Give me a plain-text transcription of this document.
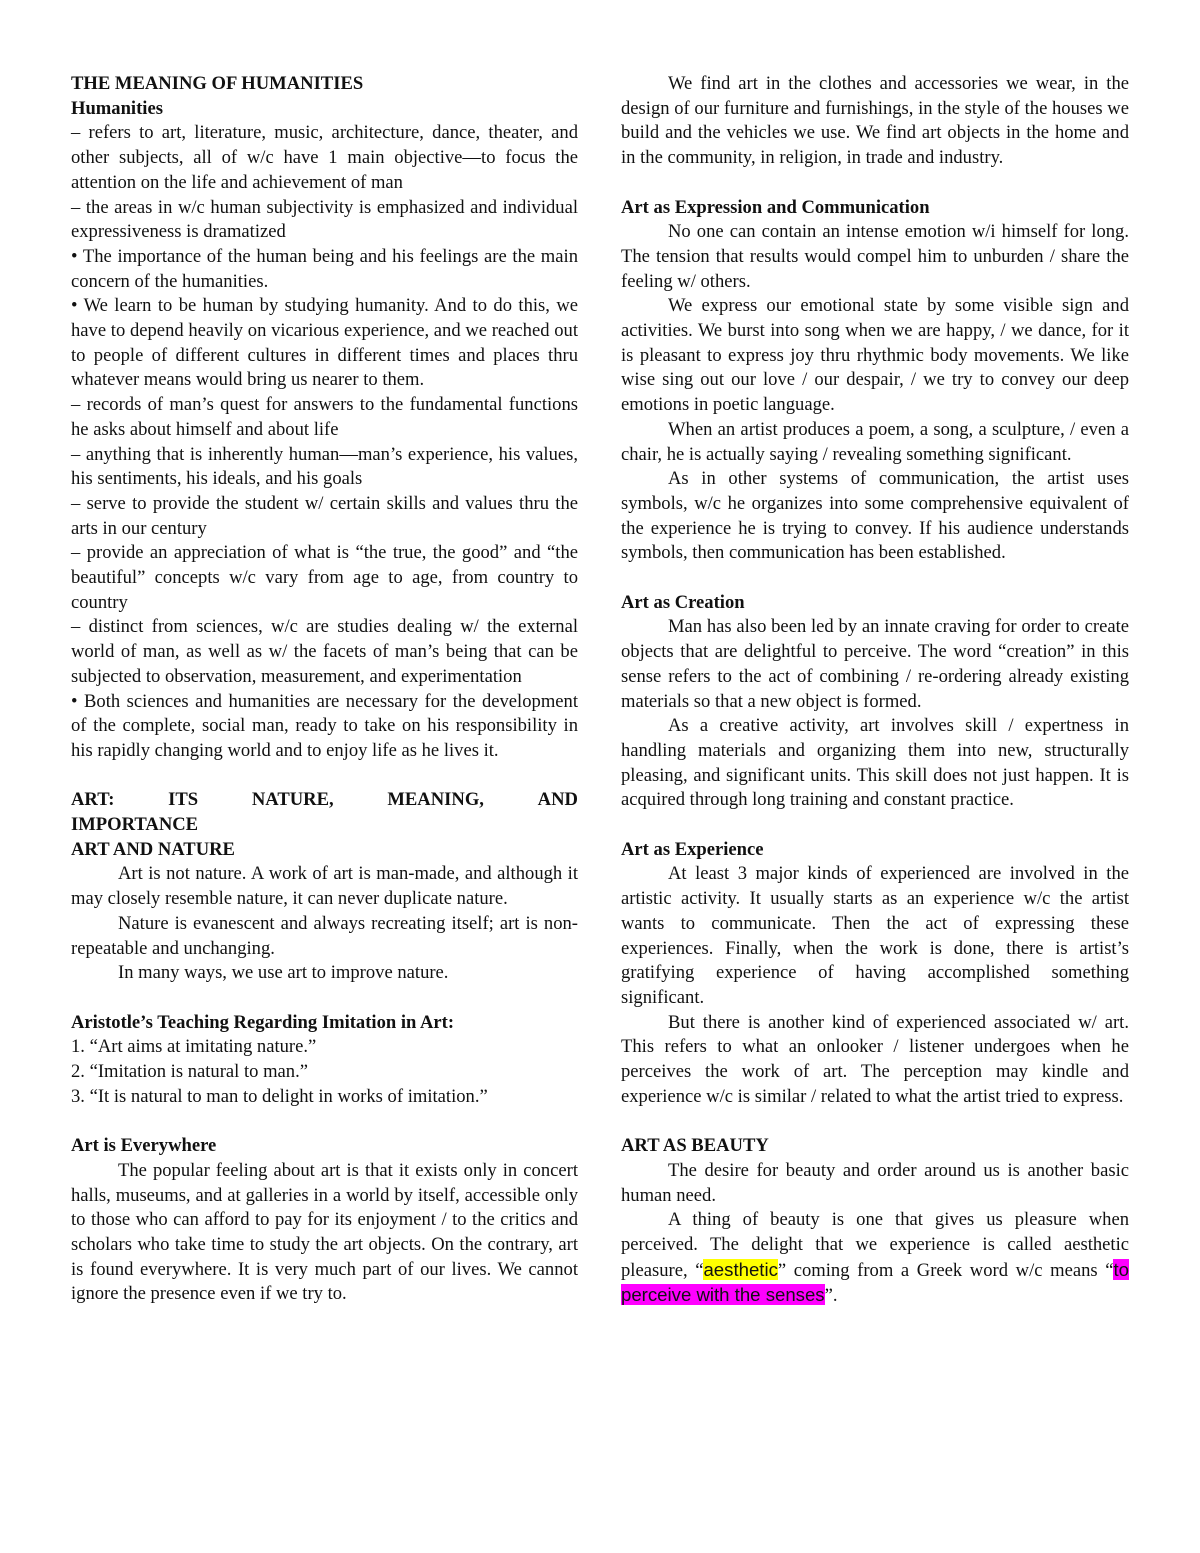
THE MEANING OF HUMANITIES

Humanities

– refers to art, literature, music, architecture, dance, theater, and other subjects, all of w/c have 1 main objective—to focus the attention on the life and achievement of man

– the areas in w/c human subjectivity is emphasized and individual expressiveness is dramatized

• The importance of the human being and his feelings are the main concern of the humanities.

• We learn to be human by studying humanity. And to do this, we have to depend heavily on vicarious experience, and we reached out to people of different cultures in different times and places thru whatever means would bring us nearer to them.

– records of man’s quest for answers to the fundamental functions he asks about himself and about life

– anything that is inherently human—man’s experience, his values, his sentiments, his ideals, and his goals

– serve to provide the student w/ certain skills and values thru the arts in our century

– provide an appreciation of what is “the true, the good” and “the beautiful” concepts w/c vary from age to age, from country to country

– distinct from sciences, w/c are studies dealing w/ the external world of man, as well as w/ the facets of man’s being that can be subjected to observation, measurement, and experimentation

• Both sciences and humanities are necessary for the development of the complete, social man, ready to take on his responsibility in his rapidly changing world and to enjoy life as he lives it.

ART:	ITS	NATURE,	MEANING,	AND

IMPORTANCE

ART AND NATURE

Art is not nature. A work of art is man-made, and although it may closely resemble nature, it can never duplicate nature.

Nature is evanescent and always recreating itself; art is non-repeatable and unchanging.

In many ways, we use art to improve nature.

Aristotle’s Teaching Regarding Imitation in Art:

1. “Art aims at imitating nature.”

2. “Imitation is natural to man.”

3. “It is natural to man to delight in works of imitation.”

Art is Everywhere

The popular feeling about art is that it exists only in concert halls, museums, and at galleries in a world by itself, accessible only to those who can afford to pay for its enjoyment / to the critics and scholars who take time to study the art objects. On the contrary, art is found everywhere. It is very much part of our lives. We cannot ignore the presence even if we try to.

We find art in the clothes and accessories we wear, in the design of our furniture and furnishings, in the style of the houses we build and the vehicles we use. We find art objects in the home and in the community, in religion, in trade and industry.

Art as Expression and Communication

No one can contain an intense emotion w/i himself for long. The tension that results would compel him to unburden / share the feeling w/ others.

We express our emotional state by some visible sign and activities. We burst into song when we are happy, / we dance, for it is pleasant to express joy thru rhythmic body movements. We like wise sing out our love / our despair, / we try to convey our deep emotions in poetic language.

When an artist produces a poem, a song, a sculpture, / even a chair, he is actually saying / revealing something significant.

As in other systems of communication, the artist uses symbols, w/c he organizes into some comprehensive equivalent of the experience he is trying to convey. If his audience understands symbols, then communication has been established.

Art as Creation

Man has also been led by an innate craving for order to create objects that are delightful to perceive. The word “creation” in this sense refers to the act of combining / re-ordering already existing materials so that a new object is formed.

As a creative activity, art involves skill / expertness in handling materials and organizing them into new, structurally pleasing, and significant units. This skill does not just happen. It is acquired through long training and constant practice.

Art as Experience

At least 3 major kinds of experienced are involved in the artistic activity. It usually starts as an experience w/c the artist wants to communicate. Then the act of expressing these experiences. Finally, when the work is done, there is artist’s gratifying experience of having accomplished something significant.

But there is another kind of experienced associated w/ art. This refers to what an onlooker / listener undergoes when he perceives the work of art. The perception may kindle and experience w/c is similar / related to what the artist tried to express.

ART AS BEAUTY

The desire for beauty and order around us is another basic human need.

A thing of beauty is one that gives us pleasure when perceived. The delight that we experience is called aesthetic pleasure, “aesthetic” coming from a Greek word w/c means “to perceive with the senses”.
